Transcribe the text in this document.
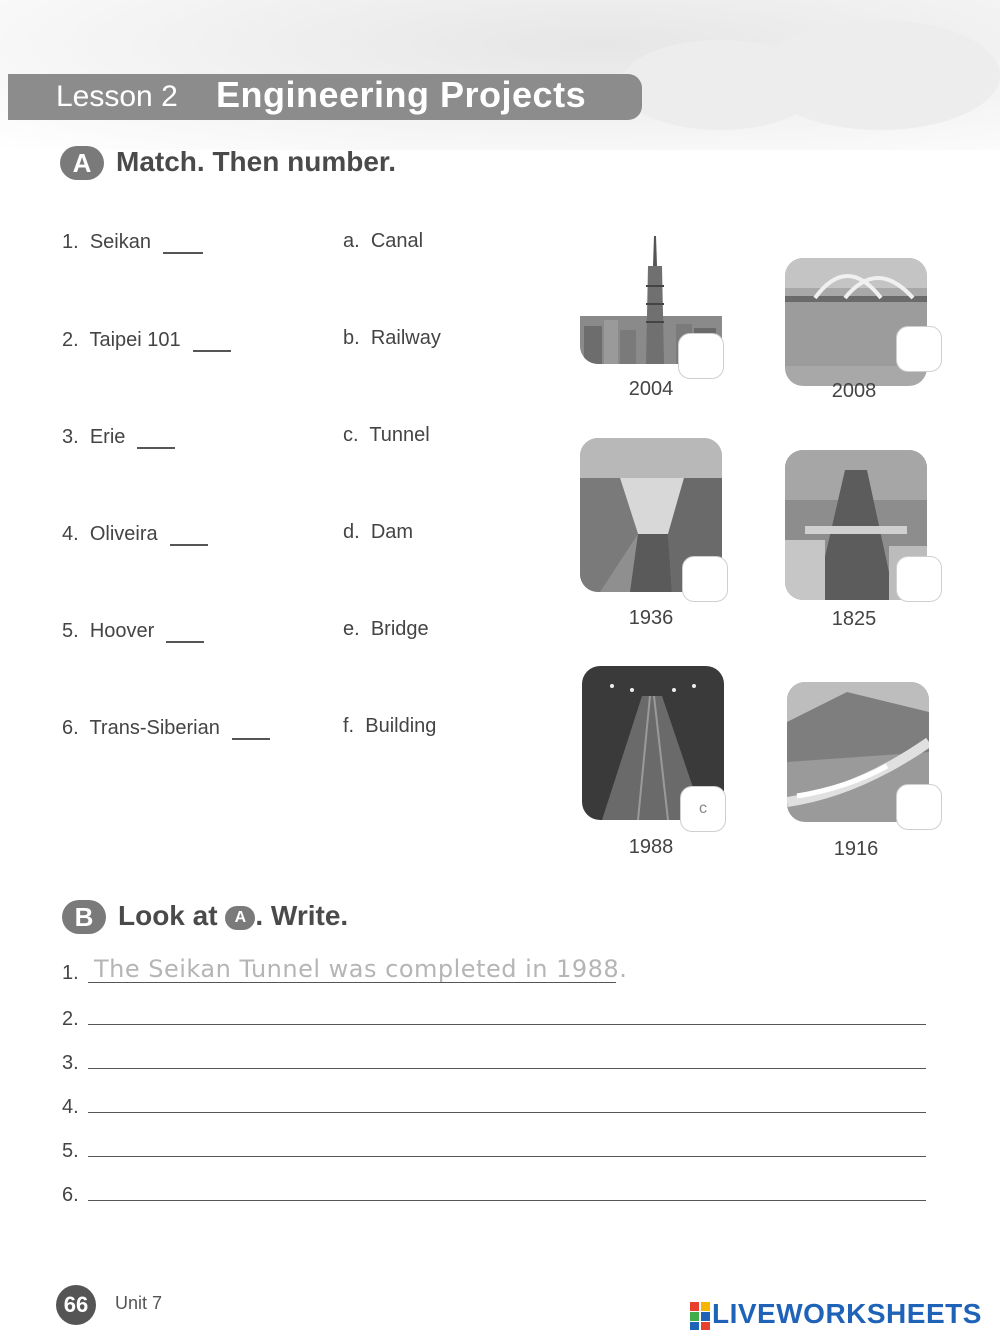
Lesson 2 Engineering Projects
A Match. Then number.
1. Seikan
2. Taipei 101
3. Erie
4. Oliveira
5. Hoover
6. Trans-Siberian
a. Canal
b. Railway
c. Tunnel
d. Dam
e. Bridge
f. Building
2004	2008
1936	1825
c
1988	1916
B Look at A . Write.
1. The Seikan Tunnel was completed in 1988.
2.
3.
4.
5.
6.
66	Unit 7	LIVEWORKSHEETS
